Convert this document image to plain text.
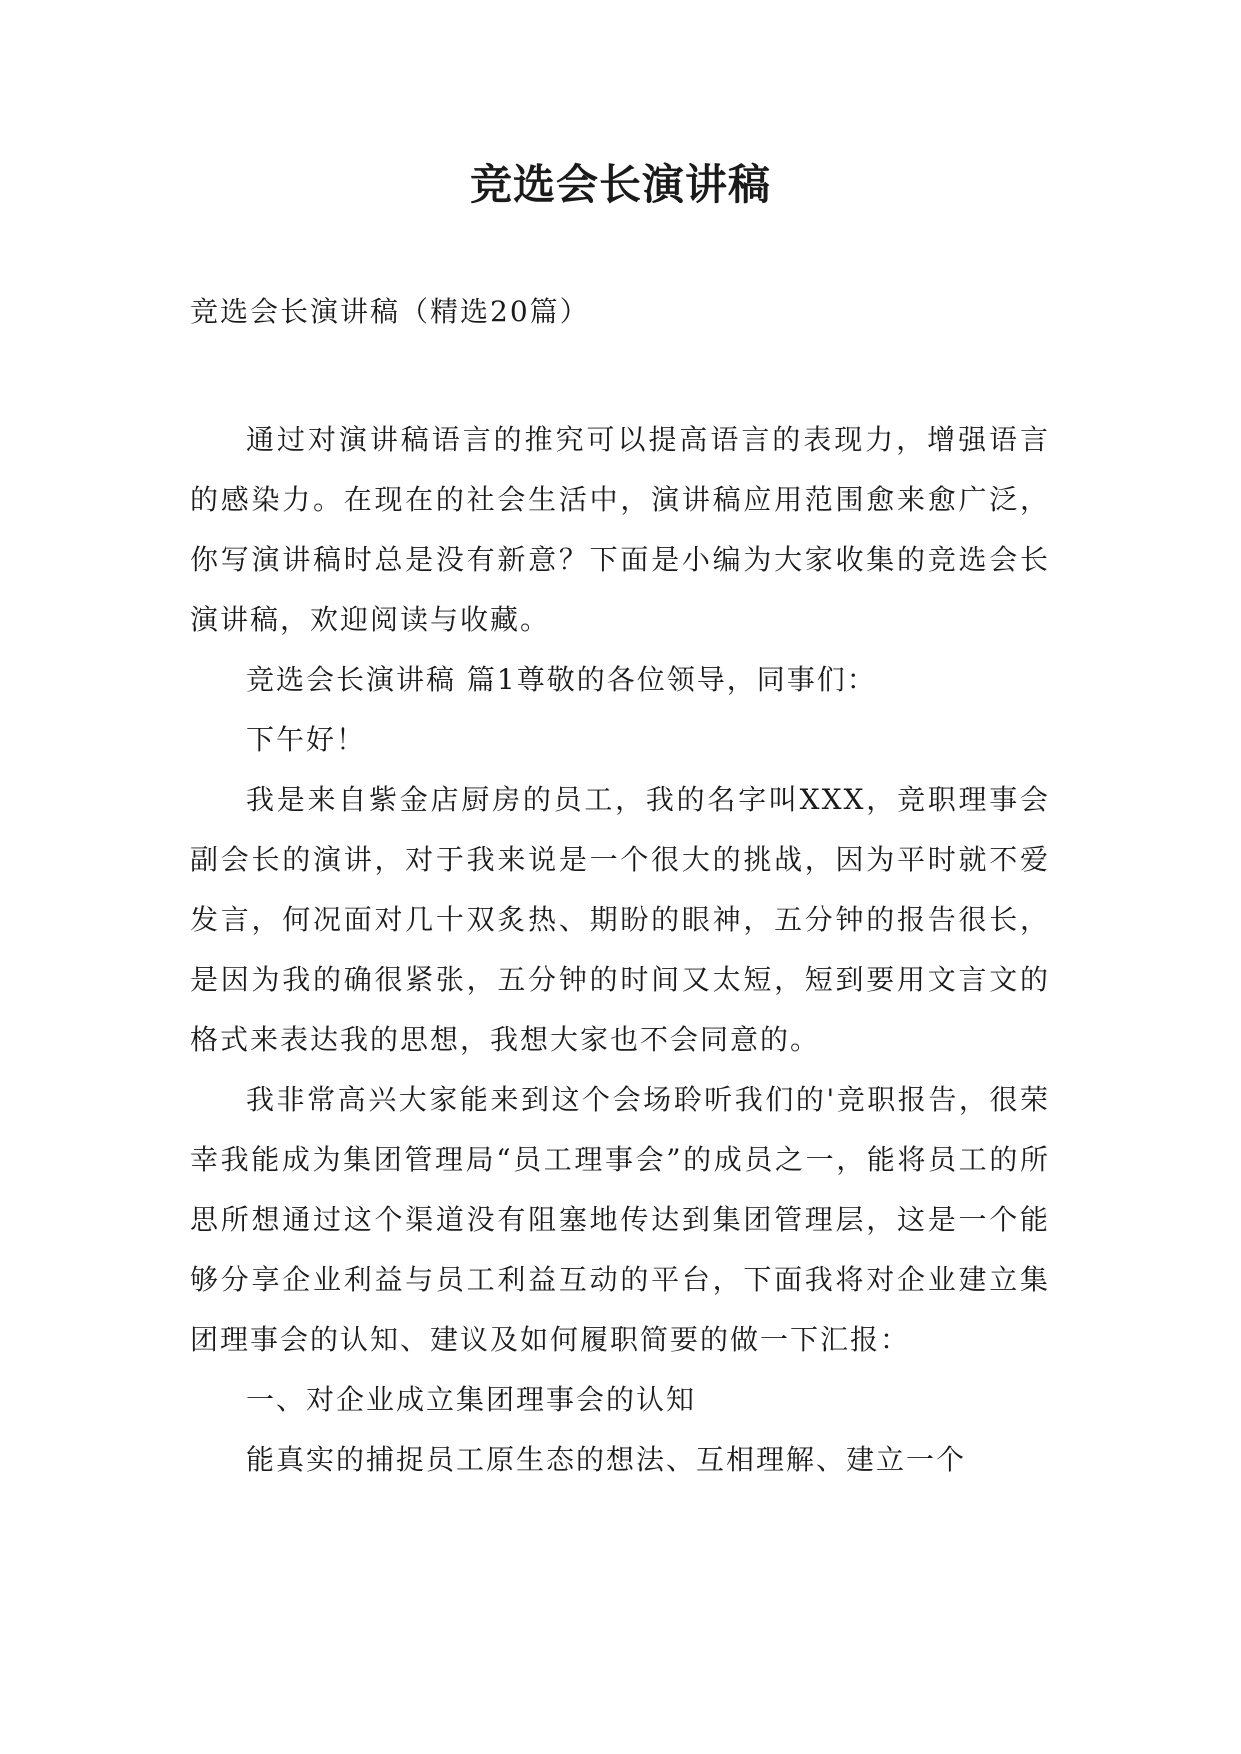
竞选会长演讲稿
竞选会长演讲稿（精选20篇）

通过对演讲稿语言的推究可以提高语言的表现力，增强语言的感染力。在现在的社会生活中，演讲稿应用范围愈来愈广泛，你写演讲稿时总是没有新意？下面是小编为大家收集的竞选会长演讲稿，欢迎阅读与收藏。

竞选会长演讲稿 篇1尊敬的各位领导，同事们：

下午好！

我是来自紫金店厨房的员工，我的名字叫XXX，竞职理事会副会长的演讲，对于我来说是一个很大的挑战，因为平时就不爱发言，何况面对几十双炙热、期盼的眼神，五分钟的报告很长，是因为我的确很紧张，五分钟的时间又太短，短到要用文言文的格式来表达我的思想，我想大家也不会同意的。

我非常高兴大家能来到这个会场聆听我们的'竞职报告，很荣幸我能成为集团管理局“员工理事会”的成员之一，能将员工的所思所想通过这个渠道没有阻塞地传达到集团管理层，这是一个能够分享企业利益与员工利益互动的平台，下面我将对企业建立集团理事会的认知、建议及如何履职简要的做一下汇报：

一、对企业成立集团理事会的认知

能真实的捕捉员工原生态的想法、互相理解、建立一个
